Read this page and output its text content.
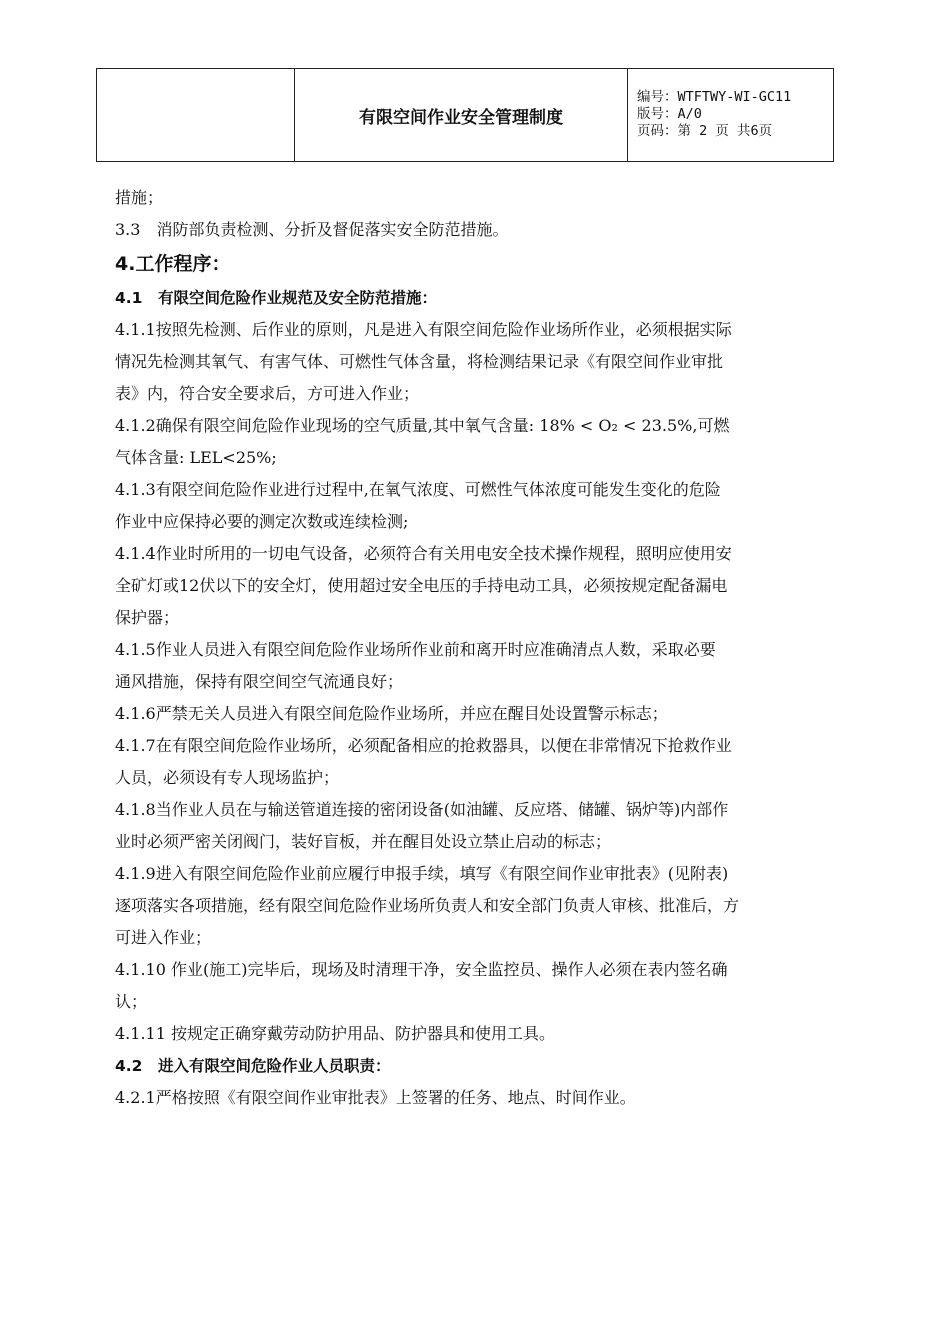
有限空间作业安全管理制度
编号：WTFTWY-WI-GC11
版号：A/0
页码：第 2 页 共6页

措施；

3.3　消防部负责检测、分折及督促落实安全防范措施。

4.工作程序：

4.1　有限空间危险作业规范及安全防范措施：

4.1.1按照先检测、后作业的原则，凡是进入有限空间危险作业场所作业，必须根据实际

情况先检测其氧气、有害气体、可燃性气体含量，将检测结果记录《有限空间作业审批

表》内，符合安全要求后，方可进入作业；

4.1.2确保有限空间危险作业现场的空气质量,其中氧气含量: 18% < O₂ < 23.5%,可燃

气体含量: LEL<25%;

4.1.3有限空间危险作业进行过程中,在氧气浓度、可燃性气体浓度可能发生变化的危险

作业中应保持必要的测定次数或连续检测;

4.1.4作业时所用的一切电气设备，必须符合有关用电安全技术操作规程，照明应使用安

全矿灯或12伏以下的安全灯，使用超过安全电压的手持电动工具，必须按规定配备漏电

保护器；

4.1.5作业人员进入有限空间危险作业场所作业前和离开时应准确清点人数，采取必要

通风措施，保持有限空间空气流通良好；

4.1.6严禁无关人员进入有限空间危险作业场所，并应在醒目处设置警示标志；

4.1.7在有限空间危险作业场所，必须配备相应的抢救器具，以便在非常情况下抢救作业

人员，必须设有专人现场监护；

4.1.8当作业人员在与输送管道连接的密闭设备(如油罐、反应塔、储罐、锅炉等)内部作

业时必须严密关闭阀门，装好盲板，并在醒目处设立禁止启动的标志；

4.1.9进入有限空间危险作业前应履行申报手续，填写《有限空间作业审批表》(见附表)

逐项落实各项措施，经有限空间危险作业场所负责人和安全部门负责人审核、批准后，方

可进入作业；

4.1.10 作业(施工)完毕后，现场及时清理干净，安全监控员、操作人必须在表内签名确

认；

4.1.11 按规定正确穿戴劳动防护用品、防护器具和使用工具。

4.2　进入有限空间危险作业人员职责：

4.2.1严格按照《有限空间作业审批表》上签署的任务、地点、时间作业。
